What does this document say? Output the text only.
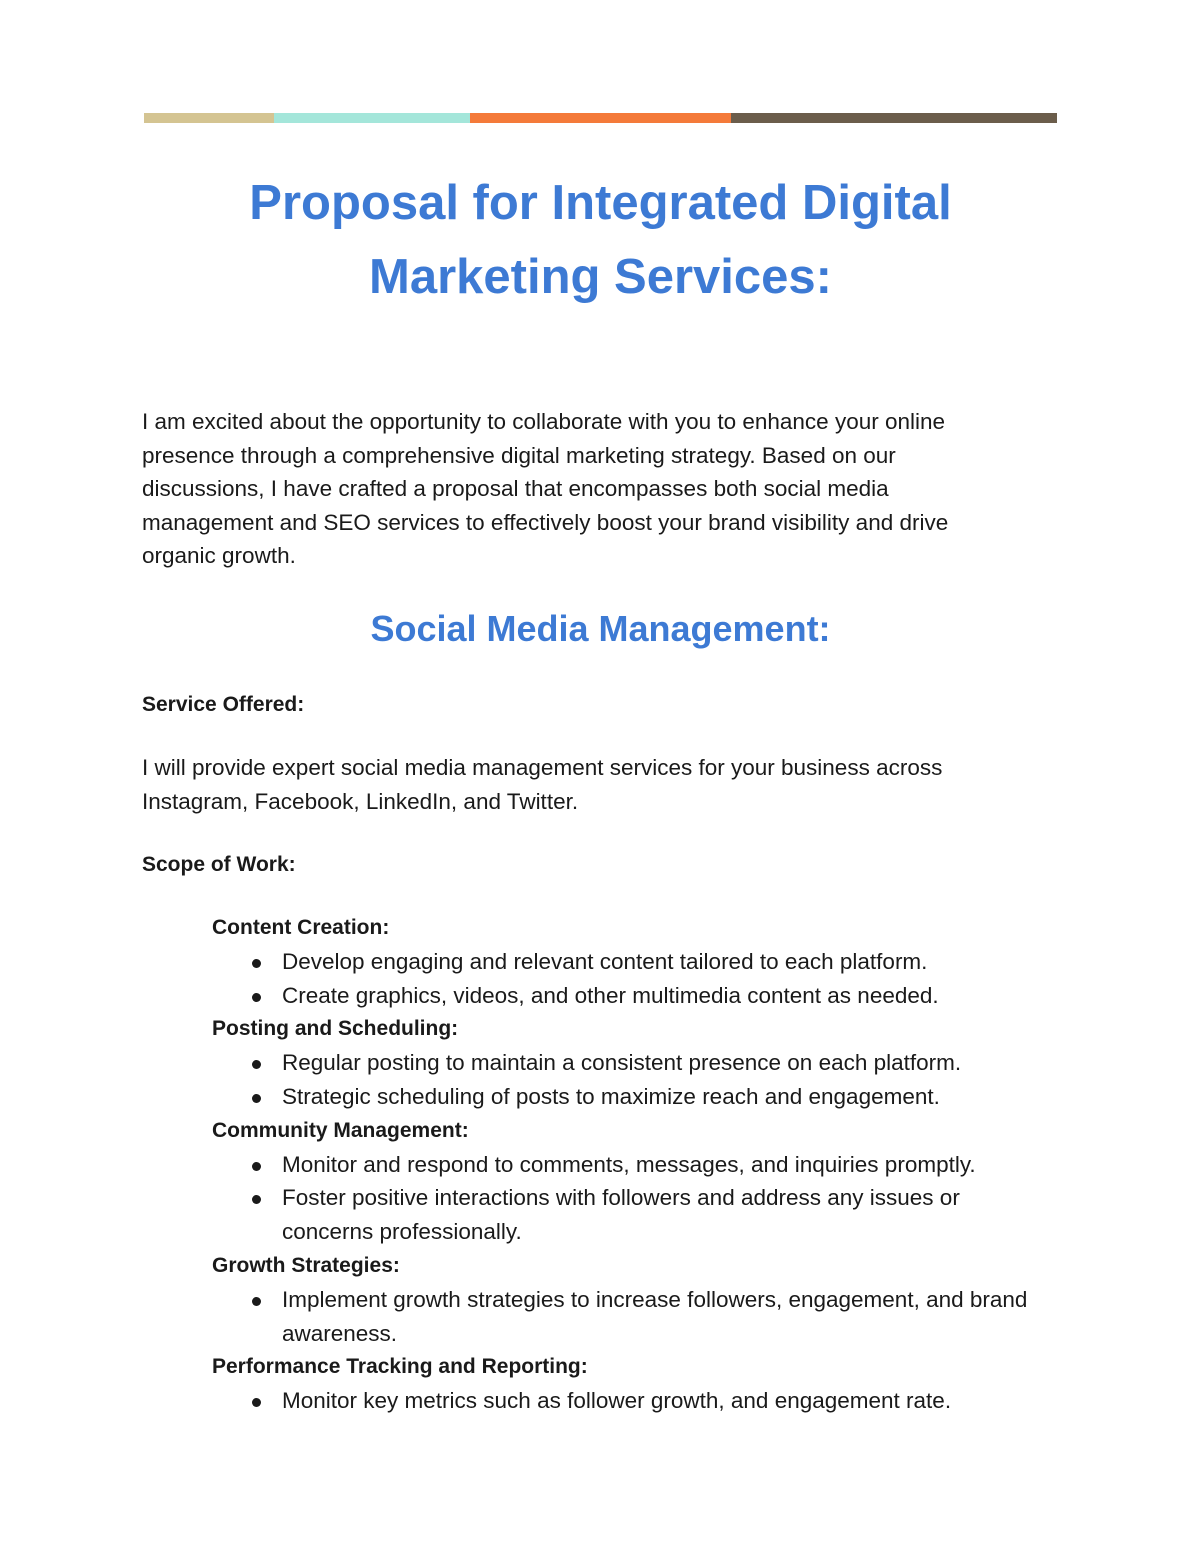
Proposal for Integrated Digital
Marketing Services:

I am excited about the opportunity to collaborate with you to enhance your online presence through a comprehensive digital marketing strategy. Based on our discussions, I have crafted a proposal that encompasses both social media management and SEO services to effectively boost your brand visibility and drive organic growth.

Social Media Management:

Service Offered:

I will provide expert social media management services for your business across Instagram, Facebook, LinkedIn, and Twitter.

Scope of Work:

Content Creation:

Develop engaging and relevant content tailored to each platform.
Create graphics, videos, and other multimedia content as needed.

Posting and Scheduling:

Regular posting to maintain a consistent presence on each platform.
Strategic scheduling of posts to maximize reach and engagement.

Community Management:

Monitor and respond to comments, messages, and inquiries promptly.
Foster positive interactions with followers and address any issues or concerns professionally.

Growth Strategies:

Implement growth strategies to increase followers, engagement, and brand awareness.

Performance Tracking and Reporting:

Monitor key metrics such as follower growth, and engagement rate.
